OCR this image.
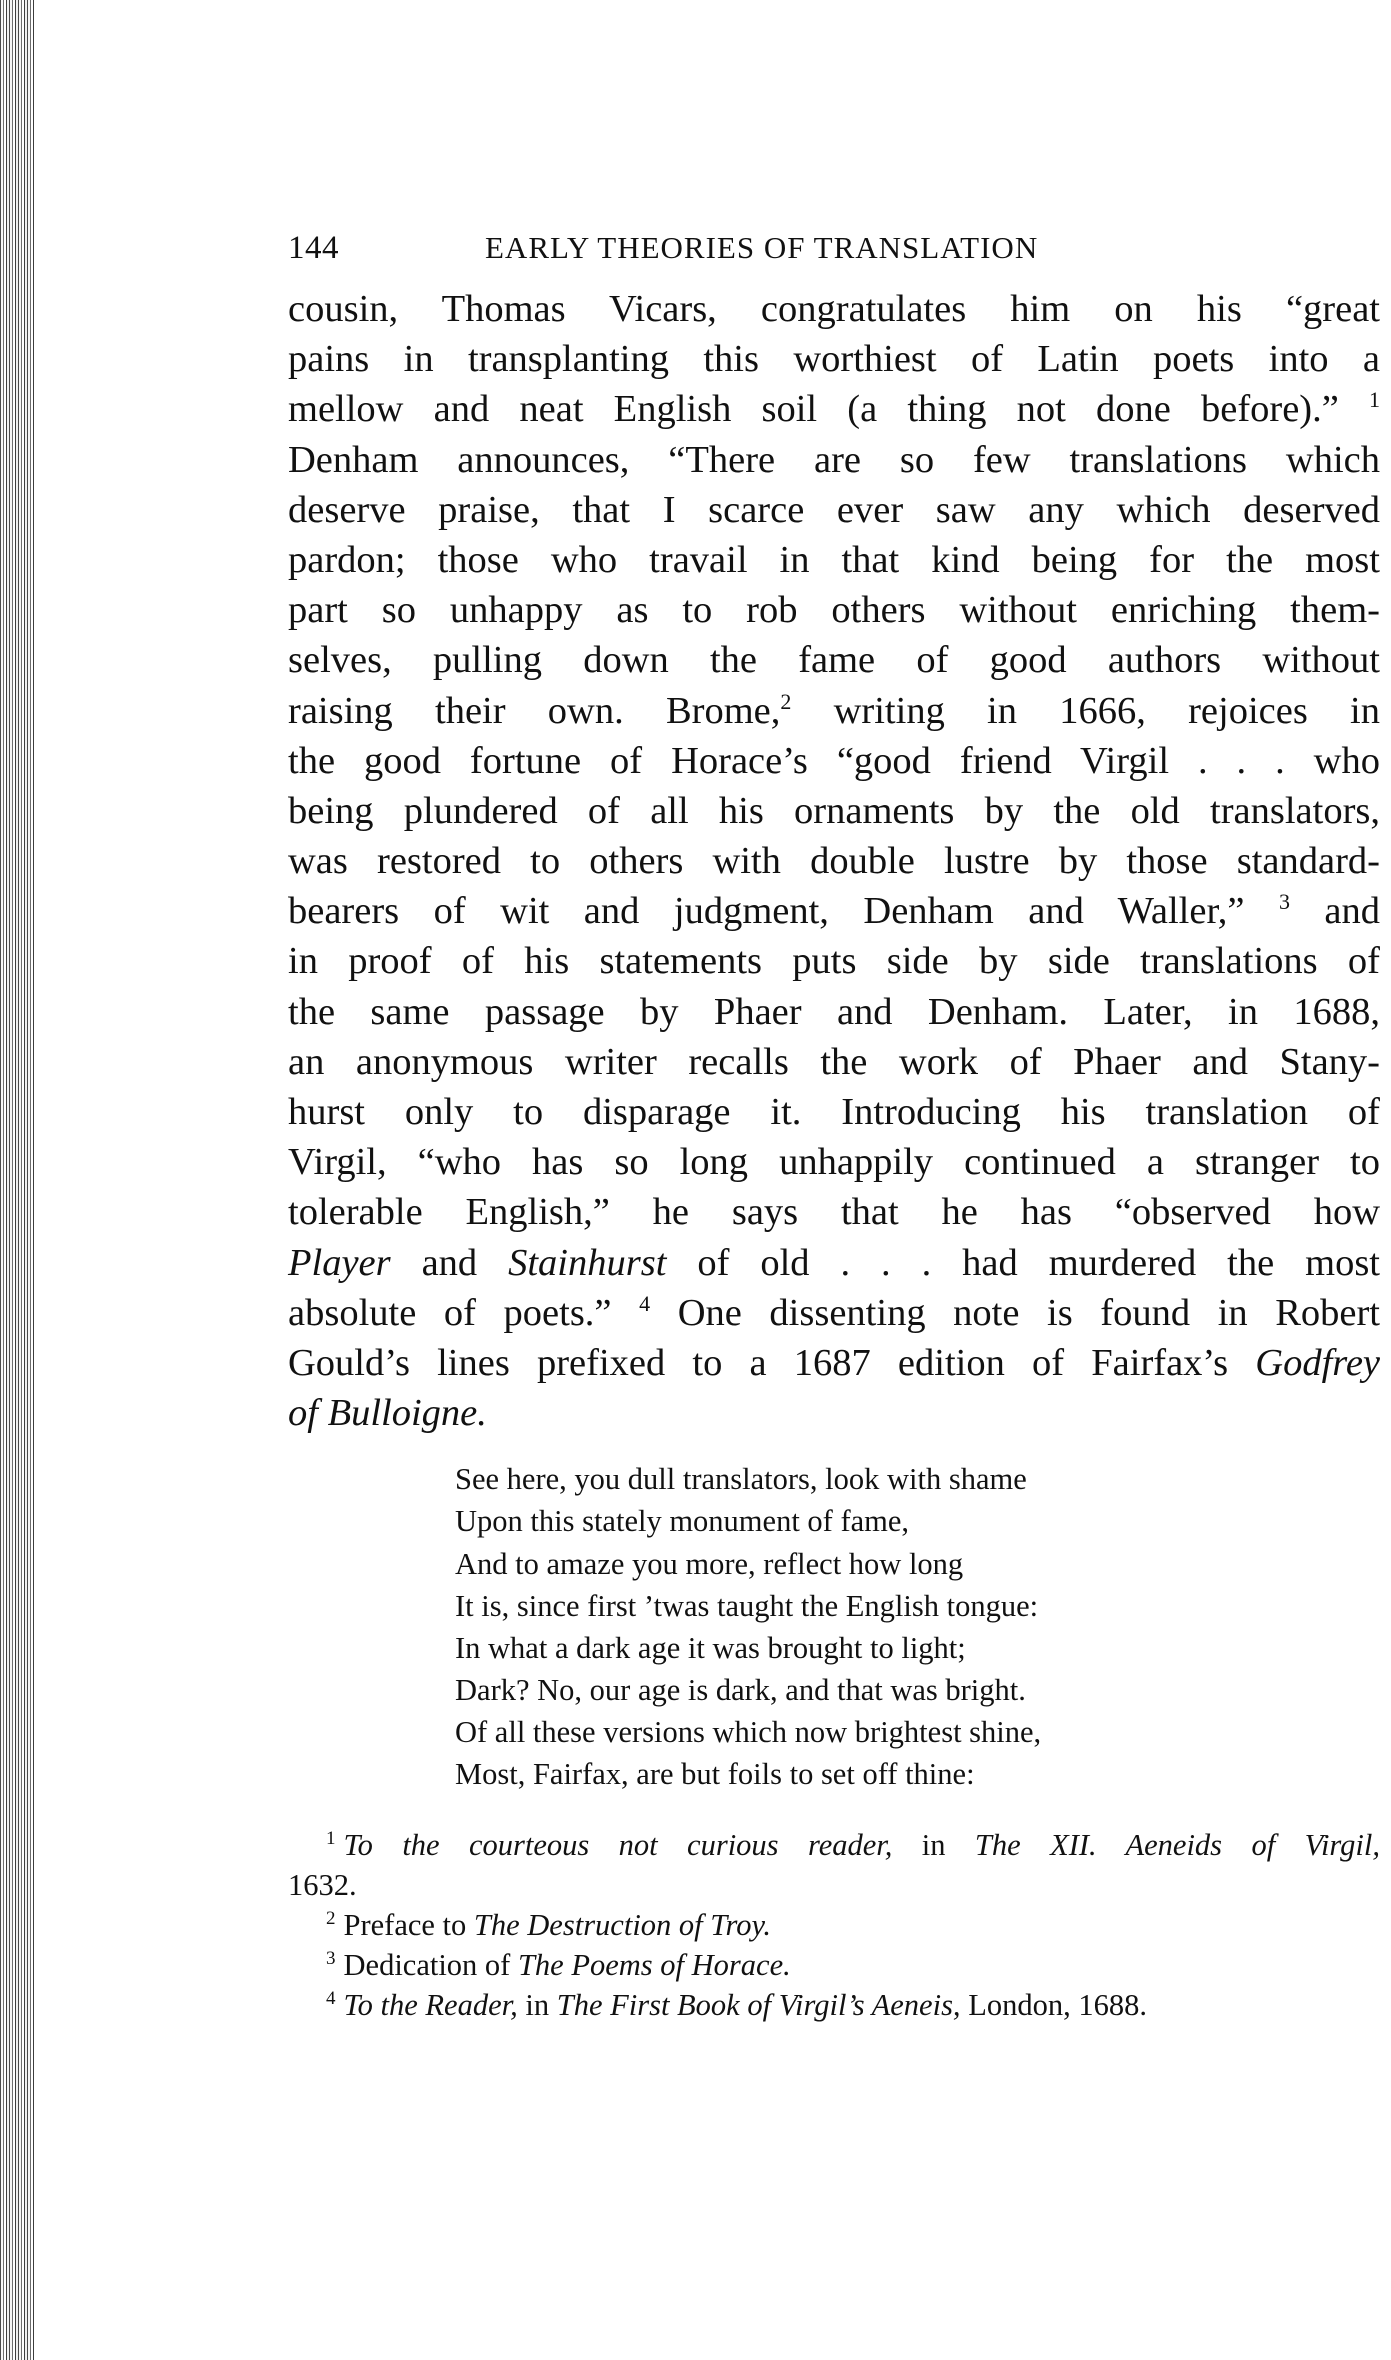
144	EARLY THEORIES OF TRANSLATION
cousin, Thomas Vicars, congratulates him on his “great
pains in transplanting this worthiest of Latin poets into a
mellow and neat English soil (a thing not done before).” $^1$
Denham announces, “There are so few translations which
deserve praise, that I scarce ever saw any which deserved
pardon; those who travail in that kind being for the most
part so unhappy as to rob others without enriching them-
selves, pulling down the fame of good authors without
raising their own. Brome,$^2$ writing in 1666, rejoices in
the good fortune of Horace’s “good friend Virgil . . . who
being plundered of all his ornaments by the old translators,
was restored to others with double lustre by those standard-
bearers of wit and judgment, Denham and Waller,” $^3$ and
in proof of his statements puts side by side translations of
the same passage by Phaer and Denham. Later, in 1688,
an anonymous writer recalls the work of Phaer and Stany-
hurst only to disparage it. Introducing his translation of
Virgil, “who has so long unhappily continued a stranger to
tolerable English,” he says that he has “observed how
Player and Stainhurst of old . . . had murdered the most
absolute of poets.” $^4$ One dissenting note is found in Robert
Gould’s lines prefixed to a 1687 edition of Fairfax’s Godfrey
of Bulloigne.
See here, you dull translators, look with shame
Upon this stately monument of fame,
And to amaze you more, reflect how long
It is, since first ’twas taught the English tongue:
In what a dark age it was brought to light;
Dark? No, our age is dark, and that was bright.
Of all these versions which now brightest shine,
Most, Fairfax, are but foils to set off thine:
$^1$ To the courteous not curious reader, in The XII. Aeneids of Virgil,
1632.
$^2$ Preface to The Destruction of Troy.
$^3$ Dedication of The Poems of Horace.
$^4$ To the Reader, in The First Book of Virgil’s Aeneis, London, 1688.
